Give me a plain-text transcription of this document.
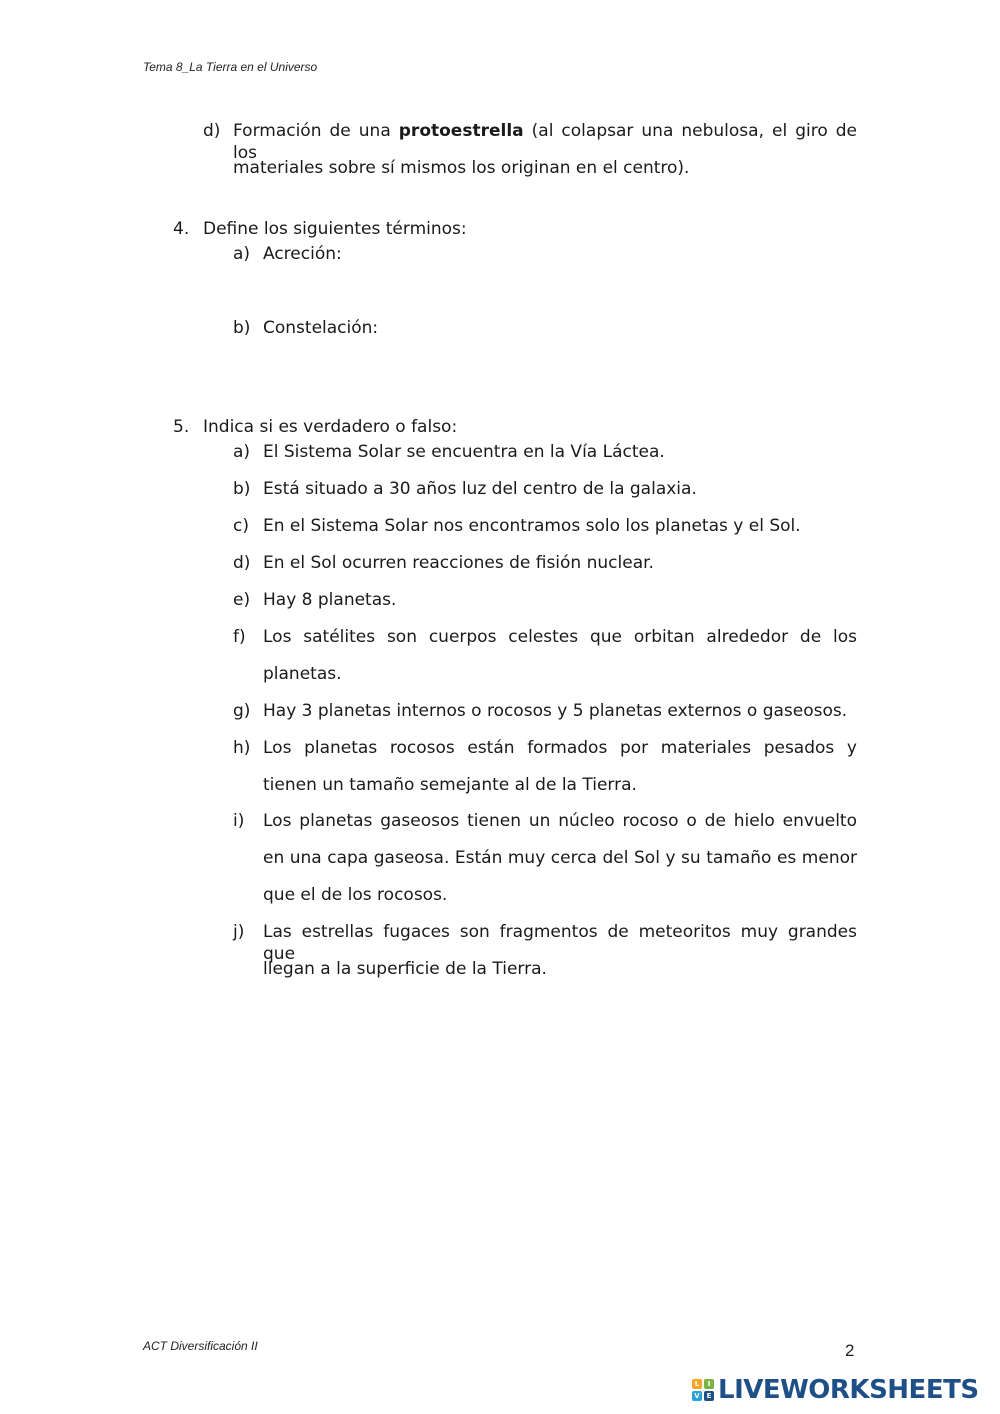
Tema 8_La Tierra en el Universo
d) Formación de una protoestrella (al colapsar una nebulosa, el giro de los
materiales sobre sí mismos los originan en el centro).
4. Define los siguientes términos:
a) Acreción:
b) Constelación:
5. Indica si es verdadero o falso:
a) El Sistema Solar se encuentra en la Vía Láctea.
b) Está situado a 30 años luz del centro de la galaxia.
c) En el Sistema Solar nos encontramos solo los planetas y el Sol.
d) En el Sol ocurren reacciones de fisión nuclear.
e) Hay 8 planetas.
f) Los satélites son cuerpos celestes que orbitan alrededor de los
planetas.
g) Hay 3 planetas internos o rocosos y 5 planetas externos o gaseosos.
h) Los planetas rocosos están formados por materiales pesados y
tienen un tamaño semejante al de la Tierra.
i) Los planetas gaseosos tienen un núcleo rocoso o de hielo envuelto
en una capa gaseosa. Están muy cerca del Sol y su tamaño es menor
que el de los rocosos.
j) Las estrellas fugaces son fragmentos de meteoritos muy grandes que
llegan a la superficie de la Tierra.
ACT Diversificación II	2
L	I
V E LIVEWORKSHEETS
